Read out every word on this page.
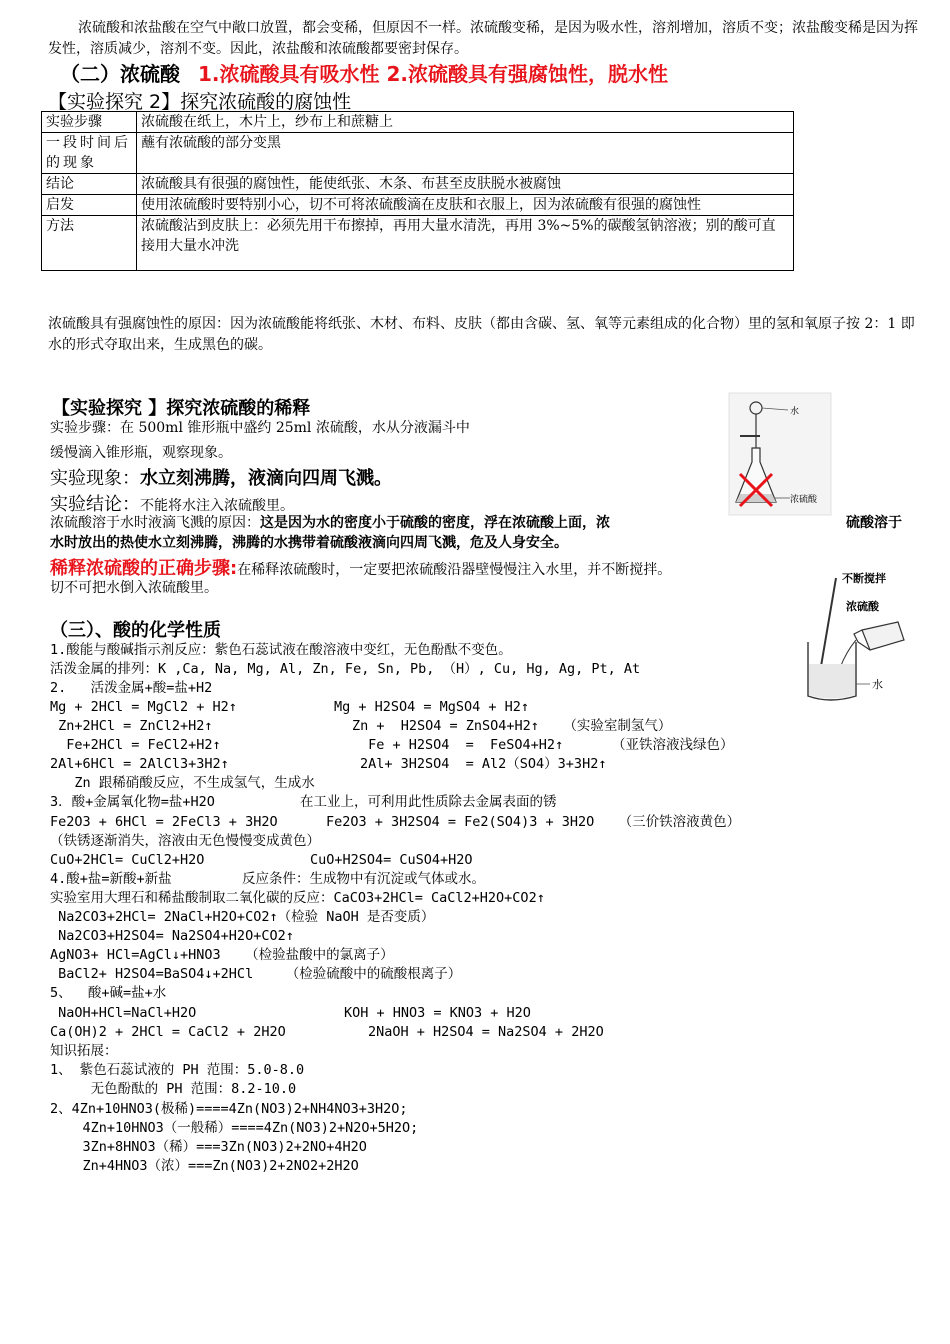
浓硫酸和浓盐酸在空气中敞口放置，都会变稀，但原因不一样。浓硫酸变稀，是因为吸水性，溶剂增加，溶质不变；浓盐酸变稀是因为挥发性，溶质减少，溶剂不变。因此，浓盐酸和浓硫酸都要密封保存。
（二）浓硫酸 1.浓硫酸具有吸水性 2.浓硫酸具有强腐蚀性，脱水性
【实验探究 2】探究浓硫酸的腐蚀性
实验步骤	浓硫酸在纸上，木片上，纱布上和蔗糖上
一段时间后的现象	蘸有浓硫酸的部分变黑
结论	浓硫酸具有很强的腐蚀性，能使纸张、木条、布甚至皮肤脱水被腐蚀
启发	使用浓硫酸时要特别小心，切不可将浓硫酸滴在皮肤和衣服上，因为浓硫酸有很强的腐蚀性
方法	浓硫酸沾到皮肤上：必须先用干布擦掉，再用大量水清洗，再用 3%~5%的碳酸氢钠溶液；别的酸可直接用大量水冲洗
浓硫酸具有强腐蚀性的原因：因为浓硫酸能将纸张、木材、布料、皮肤（都由含碳、氢、氧等元素组成的化合物）里的氢和氧原子按 2：1 即水的形式夺取出来，生成黑色的碳。
【实验探究 】探究浓硫酸的稀释
实验步骤：在 500ml 锥形瓶中盛约 25ml 浓硫酸，水从分液漏斗中
缓慢滴入锥形瓶，观察现象。
实验现象：水立刻沸腾，液滴向四周飞溅。
实验结论：不能将水注入浓硫酸里。
浓硫酸溶于水时液滴飞溅的原因：这是因为水的密度小于硫酸的密度，浮在浓硫酸上面，浓	硫酸溶于
水时放出的热使水立刻沸腾，沸腾的水携带着硫酸液滴向四周飞溅，危及人身安全。
稀释浓硫酸的正确步骤:在稀释浓硫酸时，一定要把浓硫酸沿器壁慢慢注入水里，并不断搅拌。
切不可把水倒入浓硫酸里。
水
浓硫酸
不断搅拌
浓硫酸
水
（三）、酸的化学性质
1.酸能与酸碱指示剂反应：紫色石蕊试液在酸溶液中变红，无色酚酞不变色。
活泼金属的排列：K ,Ca, Na, Mg, Al, Zn, Fe, Sn, Pb, （H）, Cu, Hg, Ag, Pt, At
2.   活泼金属+酸=盐+H2
Mg + 2HCl = MgCl2 + H2↑	Mg + H2SO4 = MgSO4 + H2↑
Zn+2HCl = ZnCl2+H2↑	Zn +  H2SO4 = ZnSO4+H2↑   （实验室制氢气）
Fe+2HCl = FeCl2+H2↑	Fe + H2SO4  =  FeSO4+H2↑      （亚铁溶液浅绿色）
2Al+6HCl = 2AlCl3+3H2↑	2Al+ 3H2SO4  = Al2（SO4）3+3H2↑
Zn 跟稀硝酸反应，不生成氢气，生成水
3．酸+金属氧化物=盐+H2O	在工业上，可利用此性质除去金属表面的锈
Fe2O3 + 6HCl = 2FeCl3 + 3H2O	Fe2O3 + 3H2SO4 = Fe2(SO4)3 + 3H2O   （三价铁溶液黄色）
（铁锈逐渐消失，溶液由无色慢慢变成黄色）
CuO+2HCl= CuCl2+H2O	CuO+H2SO4= CuSO4+H2O
4.酸+盐=新酸+新盐	反应条件：生成物中有沉淀或气体或水。
实验室用大理石和稀盐酸制取二氧化碳的反应：CaCO3+2HCl= CaCl2+H2O+CO2↑
Na2CO3+2HCl= 2NaCl+H2O+CO2↑（检验 NaOH 是否变质）
Na2CO3+H2SO4= Na2SO4+H2O+CO2↑
AgNO3+ HCl=AgCl↓+HNO3   （检验盐酸中的氯离子）
BaCl2+ H2SO4=BaSO4↓+2HCl    （检验硫酸中的硫酸根离子）
5、  酸+碱=盐+水
NaOH+HCl=NaCl+H2O	KOH + HNO3 = KNO3 + H2O
Ca(OH)2 + 2HCl = CaCl2 + 2H2O	2NaOH + H2SO4 = Na2SO4 + 2H2O
知识拓展：
1、 紫色石蕊试液的 PH 范围：5.0-8.0
无色酚酞的 PH 范围：8.2-10.0
2、4Zn+10HNO3(极稀)====4Zn(NO3)2+NH4NO3+3H2O;
4Zn+10HNO3（一般稀）====4Zn(NO3)2+N2O+5H2O;
3Zn+8HNO3（稀）===3Zn(NO3)2+2NO+4H2O
Zn+4HNO3（浓）===Zn(NO3)2+2NO2+2H2O
